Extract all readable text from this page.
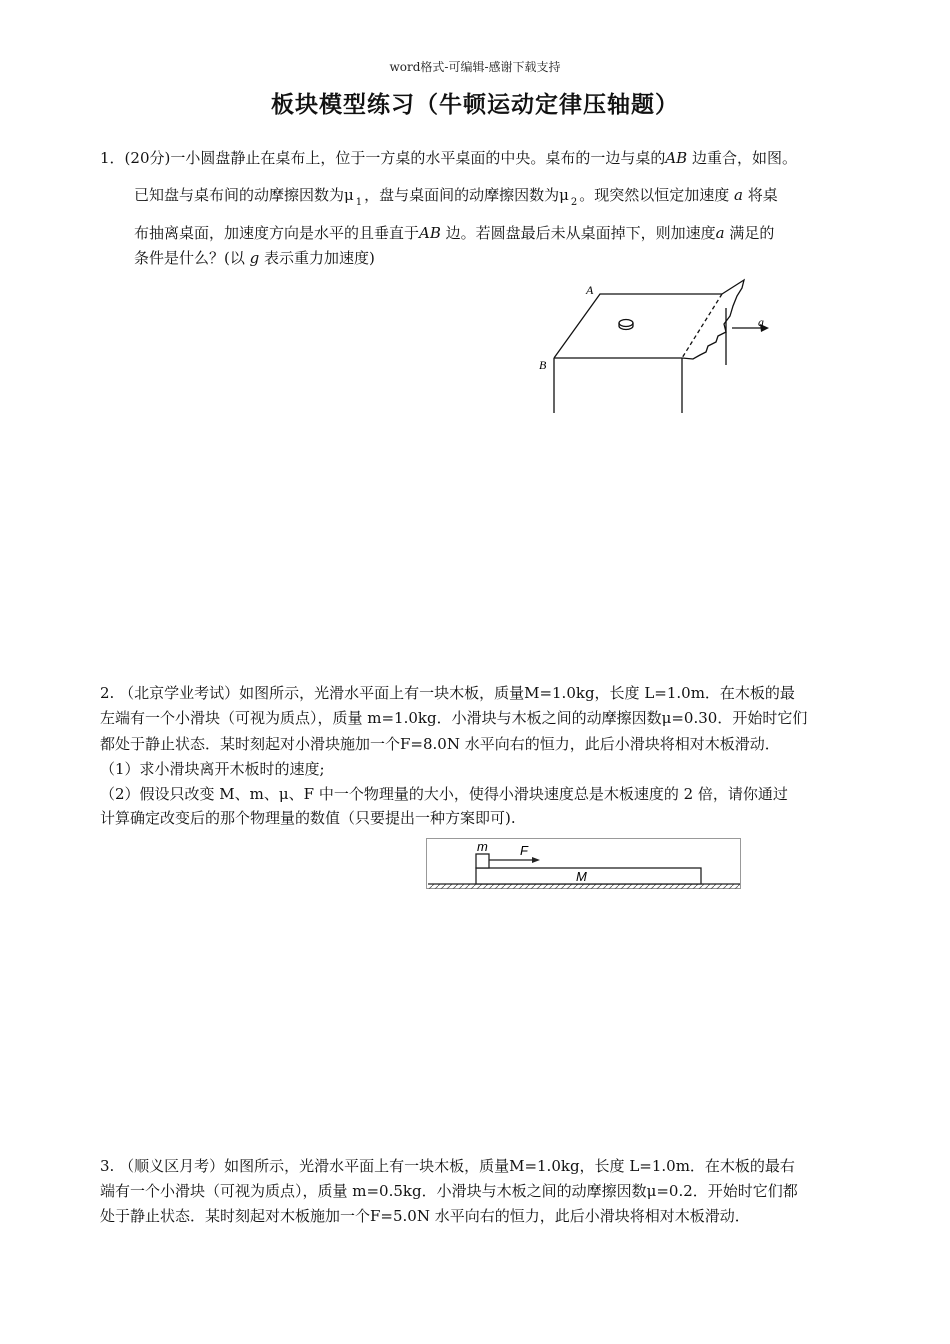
word格式-可编辑-感谢下载支持
板块模型练习（牛顿运动定律压轴题）
1．(20分)一小圆盘静止在桌布上，位于一方桌的水平桌面的中央。桌布的一边与桌的AB 边重合，如图。
已知盘与桌布间的动摩擦因数为μ $_1$ ，盘与桌面间的动摩擦因数为μ $_2$ 。现突然以恒定加速度 a 将桌
布抽离桌面，加速度方向是水平的且垂直于AB 边。若圆盘最后未从桌面掉下，则加速度a 满足的
条件是什么？(以 g 表示重力加速度)
A
B
a
2. （北京学业考试）如图所示，光滑水平面上有一块木板，质量M=1.0kg，长度 L=1.0m．在木板的最
左端有一个小滑块（可视为质点），质量 m=1.0kg．小滑块与木板之间的动摩擦因数μ=0.30．开始时它们
都处于静止状态．某时刻起对小滑块施加一个F=8.0N 水平向右的恒力，此后小滑块将相对木板滑动．
（1）求小滑块离开木板时的速度;
（2）假设只改变 M、m、μ、F 中一个物理量的大小，使得小滑块速度总是木板速度的 2 倍，请你通过
计算确定改变后的那个物理量的数值（只要提出一种方案即可).
m F
M
3. （顺义区月考）如图所示，光滑水平面上有一块木板，质量M=1.0kg，长度 L=1.0m．在木板的最右
端有一个小滑块（可视为质点），质量 m=0.5kg．小滑块与木板之间的动摩擦因数μ=0.2．开始时它们都
处于静止状态．某时刻起对木板施加一个F=5.0N 水平向右的恒力，此后小滑块将相对木板滑动．
